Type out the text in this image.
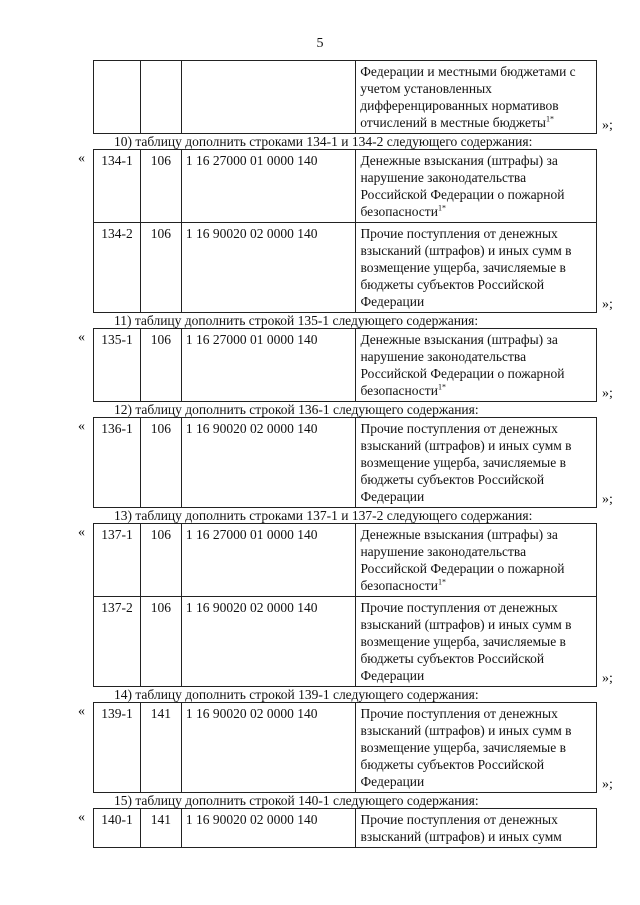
5
			Федерации и местными бюджетами с учетом установленных дифференцированных нормативов отчислений в местные бюджеты$^{1*}$	»;
10) таблицу дополнить строками 134-1 и 134-2 следующего содержания:
« 134-1	106	1 16 27000 01 0000 140	Денежные взыскания (штрафы) за нарушение законодательства Российской Федерации о пожарной безопасности$^{1*}$
134-2	106	1 16 90020 02 0000 140	Прочие поступления от денежных взысканий (штрафов) и иных сумм в возмещение ущерба, зачисляемые в бюджеты субъектов Российской Федерации	»;
11) таблицу дополнить строкой 135-1 следующего содержания:
« 135-1	106	1 16 27000 01 0000 140	Денежные взыскания (штрафы) за нарушение законодательства Российской Федерации о пожарной безопасности$^{1*}$	»;
12) таблицу дополнить строкой 136-1 следующего содержания:
« 136-1	106	1 16 90020 02 0000 140	Прочие поступления от денежных взысканий (штрафов) и иных сумм в возмещение ущерба, зачисляемые в бюджеты субъектов Российской Федерации	»;
13) таблицу дополнить строками 137-1 и 137-2 следующего содержания:
« 137-1	106	1 16 27000 01 0000 140	Денежные взыскания (штрафы) за нарушение законодательства Российской Федерации о пожарной безопасности$^{1*}$
137-2	106	1 16 90020 02 0000 140	Прочие поступления от денежных взысканий (штрафов) и иных сумм в возмещение ущерба, зачисляемые в бюджеты субъектов Российской Федерации	»;
14) таблицу дополнить строкой 139-1 следующего содержания:
« 139-1	141	1 16 90020 02 0000 140	Прочие поступления от денежных взысканий (штрафов) и иных сумм в возмещение ущерба, зачисляемые в бюджеты субъектов Российской Федерации	»;
15) таблицу дополнить строкой 140-1 следующего содержания:
« 140-1	141	1 16 90020 02 0000 140	Прочие поступления от денежных взысканий (штрафов) и иных сумм
